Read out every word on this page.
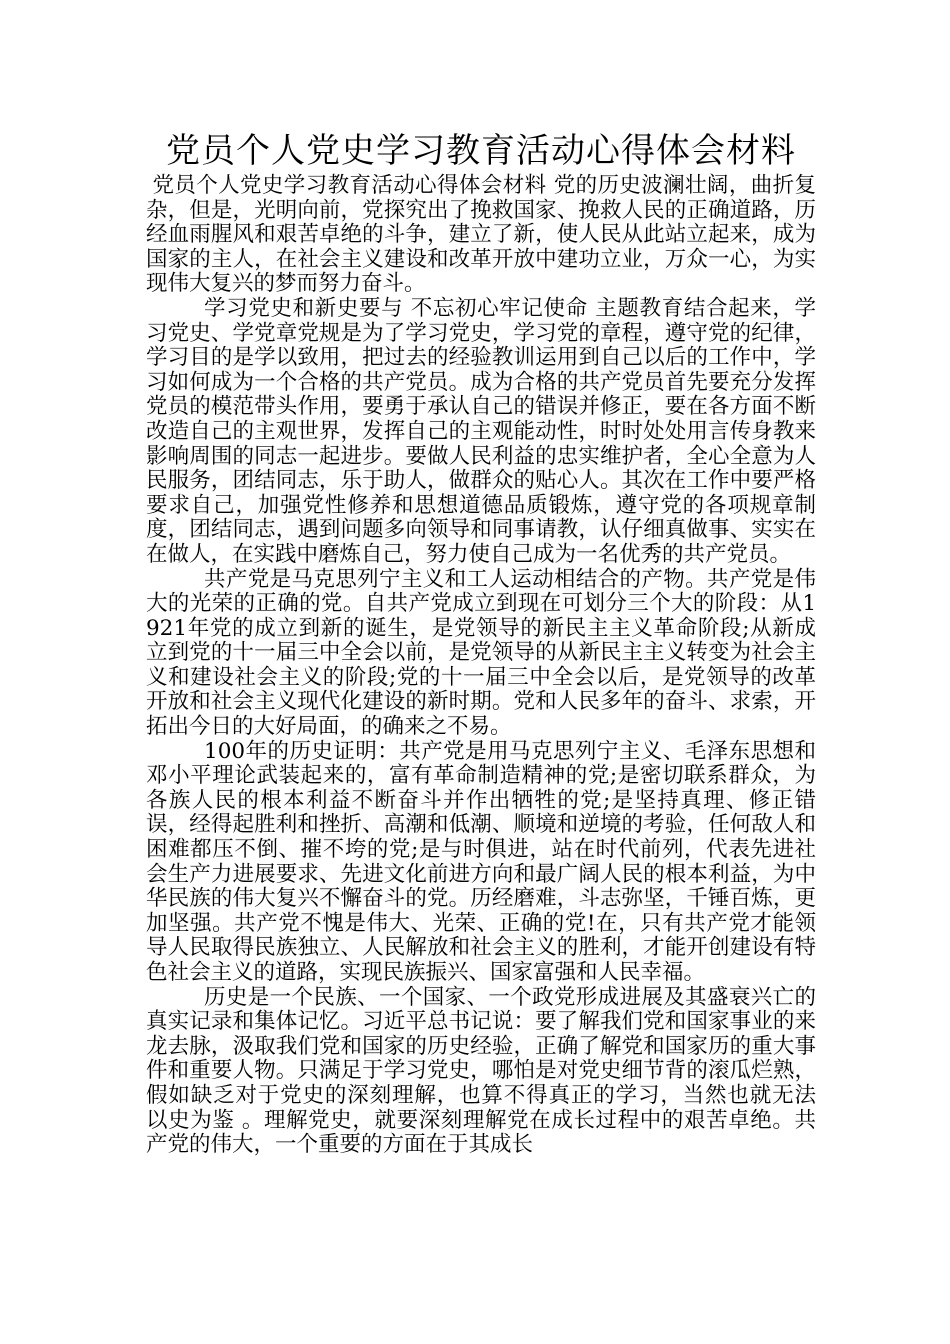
党员个人党史学习教育活动心得体会材料

党员个人党史学习教育活动心得体会材料 党的历史波澜壮阔，曲折复杂，但是，光明向前，党探究出了挽救国家、挽救人民的正确道路，历经血雨腥风和艰苦卓绝的斗争，建立了新，使人民从此站立起来，成为国家的主人，在社会主义建设和改革开放中建功立业，万众一心，为实现伟大复兴的梦而努力奋斗。

学习党史和新史要与 不忘初心牢记使命 主题教育结合起来，学习党史、学党章党规是为了学习党史，学习党的章程，遵守党的纪律，学习目的是学以致用，把过去的经验教训运用到自己以后的工作中，学习如何成为一个合格的共产党员。成为合格的共产党员首先要充分发挥党员的模范带头作用，要勇于承认自己的错误并修正，要在各方面不断改造自己的主观世界，发挥自己的主观能动性，时时处处用言传身教来影响周围的同志一起进步。要做人民利益的忠实维护者，全心全意为人民服务，团结同志，乐于助人，做群众的贴心人。其次在工作中要严格要求自己，加强党性修养和思想道德品质锻炼，遵守党的各项规章制度，团结同志，遇到问题多向领导和同事请教，认仔细真做事、实实在在做人，在实践中磨炼自己，努力使自己成为一名优秀的共产党员。

共产党是马克思列宁主义和工人运动相结合的产物。共产党是伟大的光荣的正确的党。自共产党成立到现在可划分三个大的阶段：从1921年党的成立到新的诞生，是党领导的新民主主义革命阶段;从新成立到党的十一届三中全会以前，是党领导的从新民主主义转变为社会主义和建设社会主义的阶段;党的十一届三中全会以后，是党领导的改革开放和社会主义现代化建设的新时期。党和人民多年的奋斗、求索，开拓出今日的大好局面，的确来之不易。

100年的历史证明：共产党是用马克思列宁主义、毛泽东思想和邓小平理论武装起来的，富有革命制造精神的党;是密切联系群众，为各族人民的根本利益不断奋斗并作出牺牲的党;是坚持真理、修正错误，经得起胜利和挫折、高潮和低潮、顺境和逆境的考验，任何敌人和困难都压不倒、摧不垮的党;是与时俱进，站在时代前列，代表先进社会生产力进展要求、先进文化前进方向和最广阔人民的根本利益，为中华民族的伟大复兴不懈奋斗的党。历经磨难，斗志弥坚，千锤百炼，更加坚强。共产党不愧是伟大、光荣、正确的党!在，只有共产党才能领导人民取得民族独立、人民解放和社会主义的胜利，才能开创建设有特色社会主义的道路，实现民族振兴、国家富强和人民幸福。

历史是一个民族、一个国家、一个政党形成进展及其盛衰兴亡的真实记录和集体记忆。习近平总书记说：要了解我们党和国家事业的来龙去脉，汲取我们党和国家的历史经验，正确了解党和国家历的重大事件和重要人物。只满足于学习党史，哪怕是对党史细节背的滚瓜烂熟，假如缺乏对于党史的深刻理解，也算不得真正的学习，当然也就无法 以史为鉴 。理解党史，就要深刻理解党在成长过程中的艰苦卓绝。共产党的伟大，一个重要的方面在于其成长
